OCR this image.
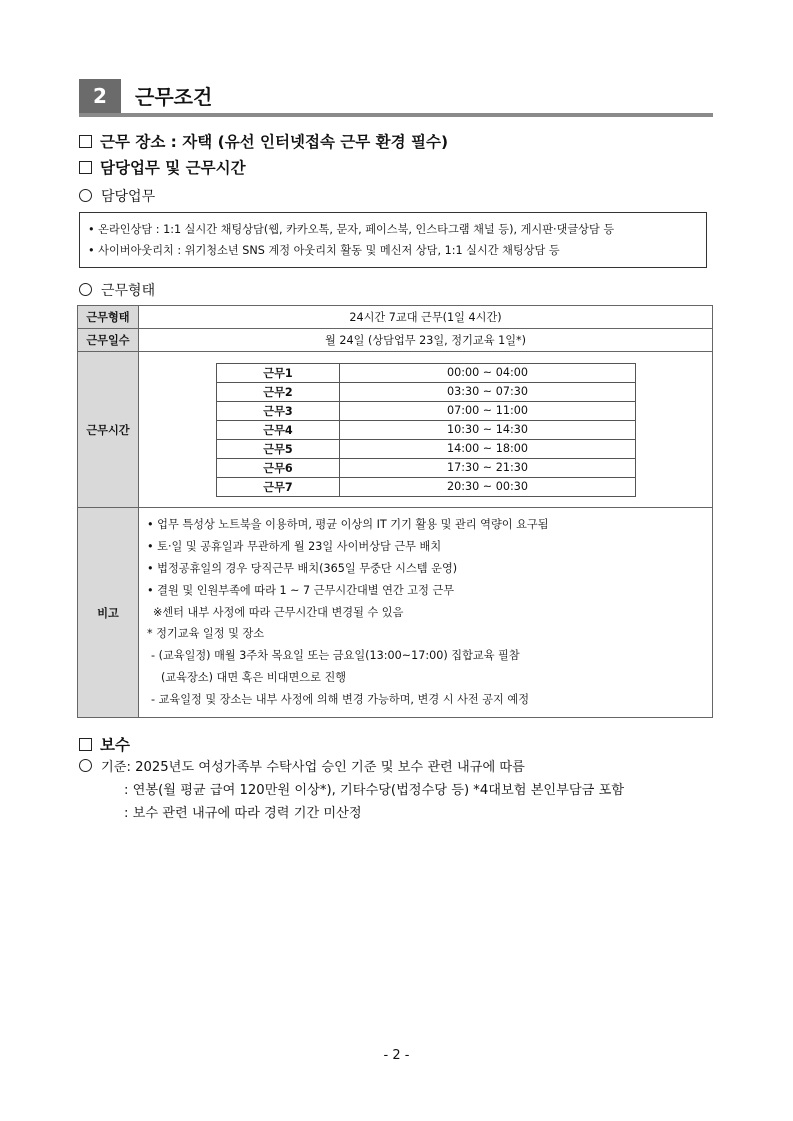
2	근무조건
근무 장소 : 자택 (유선 인터넷접속 근무 환경 필수)
담당업무 및 근무시간
담당업무
• 온라인상담 : 1:1 실시간 채팅상담(웹, 카카오톡, 문자, 페이스북, 인스타그램 채널 등), 게시판·댓글상담 등
• 사이버아웃리치 : 위기청소년 SNS 계정 아웃리치 활동 및 메신저 상담, 1:1 실시간 채팅상담 등
근무형태
근무형태	24시간 7교대 근무(1일 4시간)
근무일수	월 24일 (상담업무 23일, 정기교육 1일*)
근무시간	
근무1	00:00 ~ 04:00
근무2	03:30 ~ 07:30
근무3	07:00 ~ 11:00
근무4	10:30 ~ 14:30
근무5	14:00 ~ 18:00
근무6	17:30 ~ 21:30
근무7	20:30 ~ 00:30

비고	
• 업무 특성상 노트북을 이용하며, 평균 이상의 IT 기기 활용 및 관리 역량이 요구됨
• 토·일 및 공휴일과 무관하게 월 23일 사이버상담 근무 배치
• 법정공휴일의 경우 당직근무 배치(365일 무중단 시스템 운영)
• 결원 및 인원부족에 따라 1 ~ 7 근무시간대별 연간 고정 근무
※센터 내부 사정에 따라 근무시간대 변경될 수 있음
* 정기교육 일정 및 장소
- (교육일정) 매월 3주차 목요일 또는 금요일(13:00~17:00) 집합교육 필참
(교육장소) 대면 혹은 비대면으로 진행
- 교육일정 및 장소는 내부 사정에 의해 변경 가능하며, 변경 시 사전 공지 예정
보수
기준: 2025년도 여성가족부 수탁사업 승인 기준 및 보수 관련 내규에 따름
: 연봉(월 평균 급여 120만원 이상*), 기타수당(법정수당 등) *4대보험 본인부담금 포함
: 보수 관련 내규에 따라 경력 기간 미산정
- 2 -
